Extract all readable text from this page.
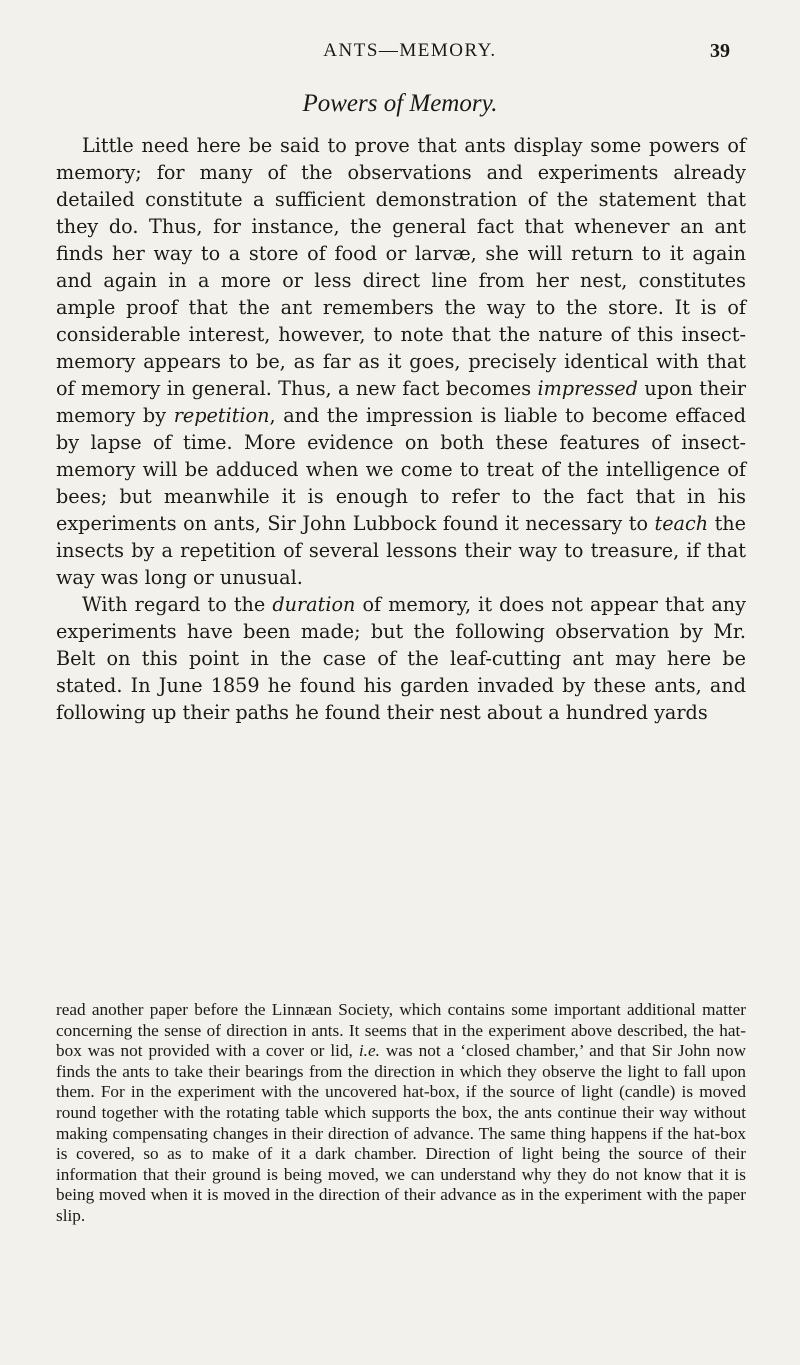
ANTS—MEMORY.	39
Powers of Memory.

Little need here be said to prove that ants display some powers of memory; for many of the observations and experiments already detailed constitute a sufficient demonstration of the statement that they do. Thus, for instance, the general fact that whenever an ant finds her way to a store of food or larvæ, she will return to it again and again in a more or less direct line from her nest, constitutes ample proof that the ant remembers the way to the store. It is of considerable interest, however, to note that the nature of this insect-memory appears to be, as far as it goes, precisely identical with that of memory in general. Thus, a new fact becomes impressed upon their memory by repetition, and the impression is liable to become effaced by lapse of time. More evidence on both these features of insect-memory will be adduced when we come to treat of the intelligence of bees; but meanwhile it is enough to refer to the fact that in his experiments on ants, Sir John Lubbock found it necessary to teach the insects by a repetition of several lessons their way to treasure, if that way was long or unusual.

With regard to the duration of memory, it does not appear that any experiments have been made; but the following observation by Mr. Belt on this point in the case of the leaf-cutting ant may here be stated. In June 1859 he found his garden invaded by these ants, and following up their paths he found their nest about a hundred yards

read another paper before the Linnæan Society, which contains some important additional matter concerning the sense of direction in ants. It seems that in the experiment above described, the hat-box was not provided with a cover or lid, i.e. was not a ‘closed chamber,’ and that Sir John now finds the ants to take their bearings from the direction in which they observe the light to fall upon them. For in the experiment with the uncovered hat-box, if the source of light (candle) is moved round together with the rotating table which supports the box, the ants continue their way without making compensating changes in their direction of advance. The same thing happens if the hat-box is covered, so as to make of it a dark chamber. Direction of light being the source of their information that their ground is being moved, we can understand why they do not know that it is being moved when it is moved in the direction of their advance as in the experiment with the paper slip.
